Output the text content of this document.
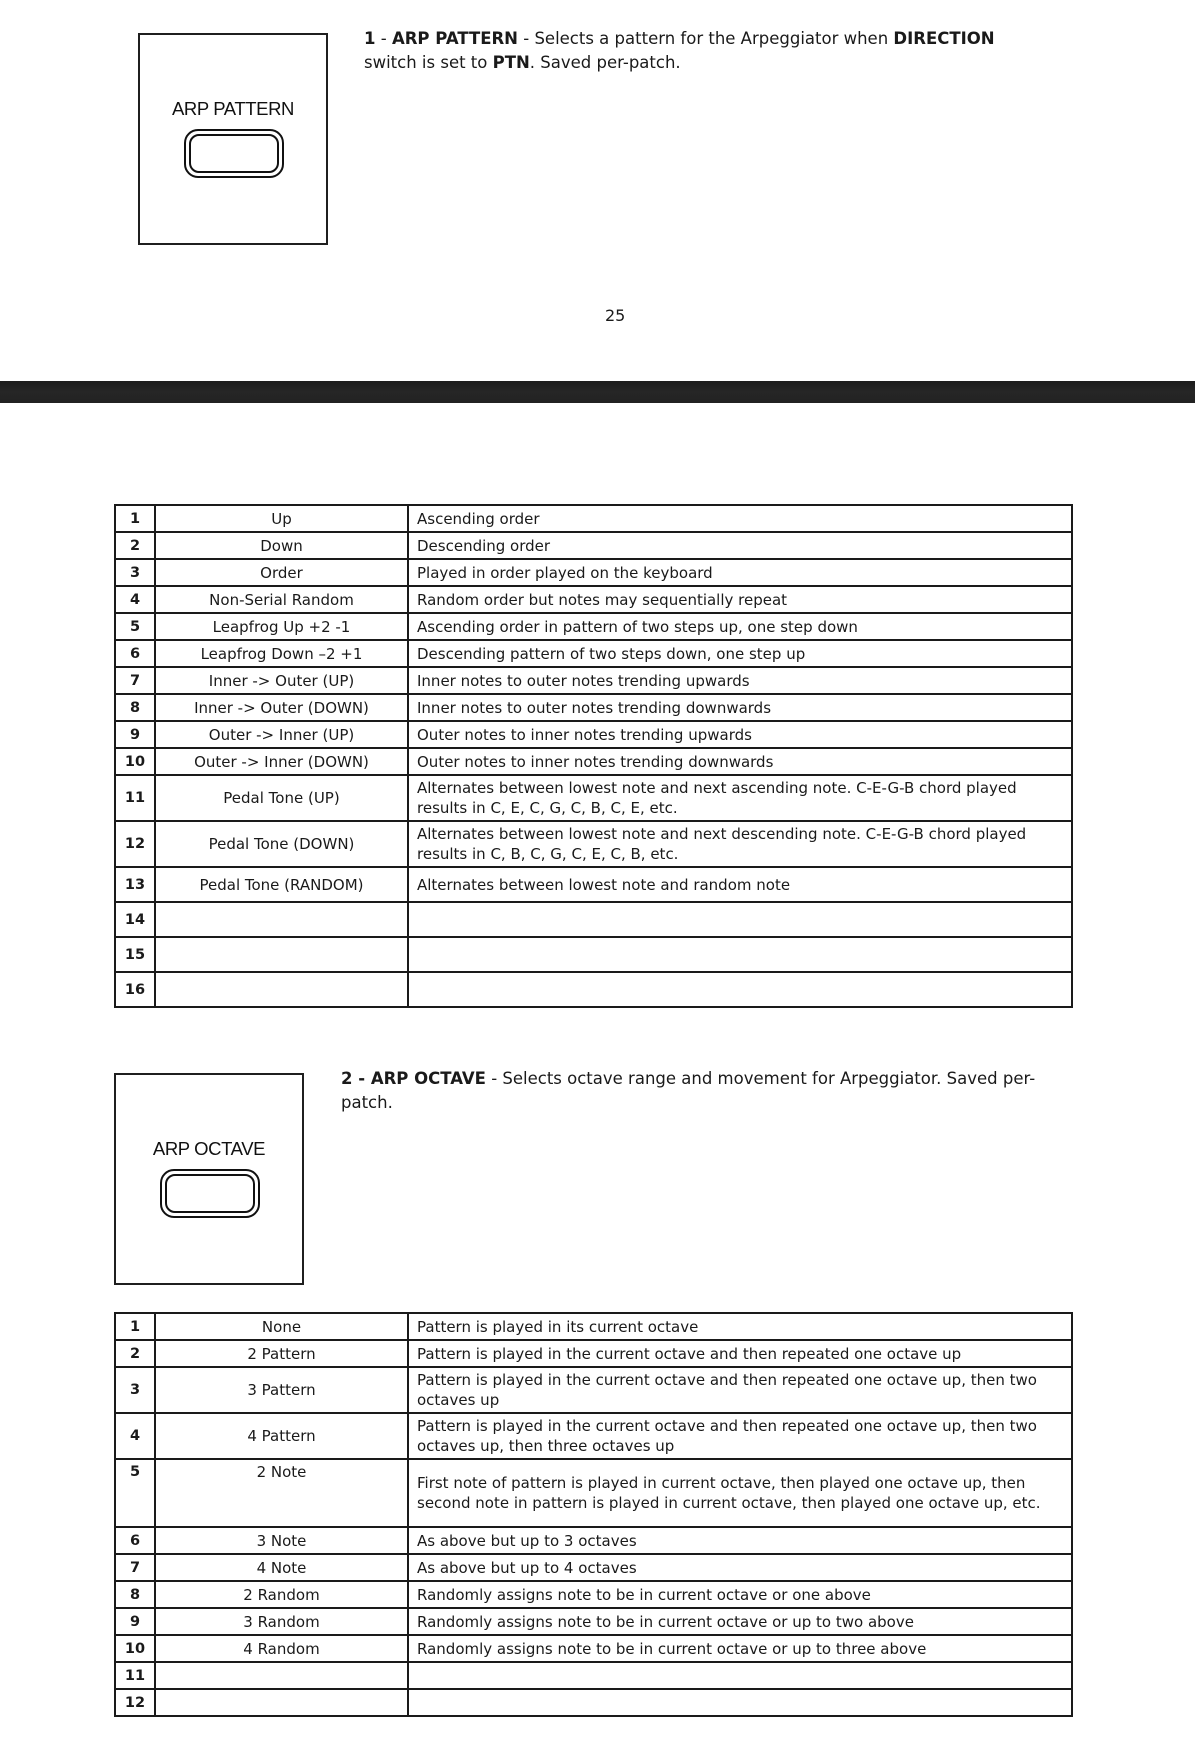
ARP PATTERN
1 - ARP PATTERN - Selects a pattern for the Arpeggiator when DIRECTION
switch is set to PTN. Saved per-patch.
25
1	Up	Ascending order
2	Down	Descending order
3	Order	Played in order played on the keyboard
4	Non-Serial Random	Random order but notes may sequentially repeat
5	Leapfrog Up +2 -1	Ascending order in pattern of two steps up, one step down
6	Leapfrog Down –2 +1	Descending pattern of two steps down, one step up
7	Inner -> Outer (UP)	Inner notes to outer notes trending upwards
8	Inner -> Outer (DOWN)	Inner notes to outer notes trending downwards
9	Outer -> Inner (UP)	Outer notes to inner notes trending upwards
10	Outer -> Inner (DOWN)	Outer notes to inner notes trending downwards
11	Pedal Tone (UP)	Alternates between lowest note and next ascending note. C-E-G-B chord played results in C, E, C, G, C, B, C, E, etc.
12	Pedal Tone (DOWN)	Alternates between lowest note and next descending note. C-E-G-B chord played results in C, B, C, G, C, E, C, B, etc.
13	Pedal Tone (RANDOM)	Alternates between lowest note and random note
14		
15		
16		
ARP OCTAVE
2 - ARP OCTAVE - Selects octave range and movement for Arpeggiator. Saved per-patch.
1	None	Pattern is played in its current octave
2	2 Pattern	Pattern is played in the current octave and then repeated one octave up
3	3 Pattern	Pattern is played in the current octave and then repeated one octave up, then two octaves up
4	4 Pattern	Pattern is played in the current octave and then repeated one octave up, then two octaves up, then three octaves up
5	2 Note	First note of pattern is played in current octave, then played one octave up, then second note in pattern is played in current octave, then played one octave up, etc.
6	3 Note	As above but up to 3 octaves
7	4 Note	As above but up to 4 octaves
8	2 Random	Randomly assigns note to be in current octave or one above
9	3 Random	Randomly assigns note to be in current octave or up to two above
10	4 Random	Randomly assigns note to be in current octave or up to three above
11		
12		
